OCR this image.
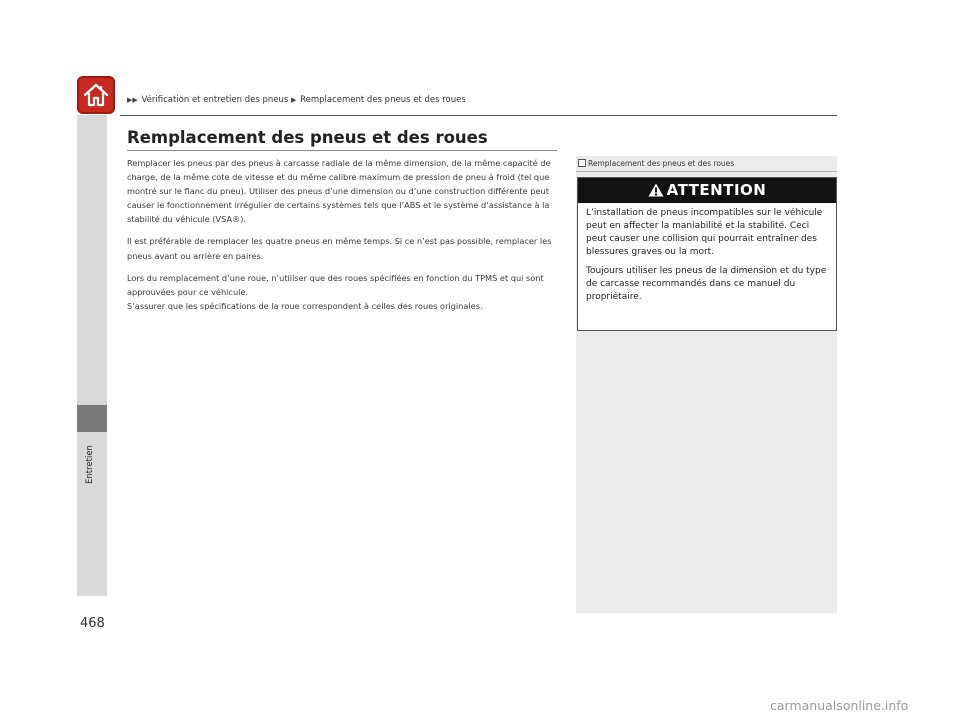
▶▶ Vérification et entretien des pneus ▶ Remplacement des pneus et des roues
Entretien
Remplacement des pneus et des roues

Remplacer les pneus par des pneus à carcasse radiale de la même dimension, de la même capacité de charge, de la même cote de vitesse et du même calibre maximum de pression de pneu à froid (tel que montré sur le flanc du pneu). Utiliser des pneus d’une dimension ou d’une construction différente peut causer le fonctionnement irrégulier de certains systèmes tels que l’ABS et le système d’assistance à la stabilité du véhicule (VSA®).

Il est préférable de remplacer les quatre pneus en même temps. Si ce n’est pas possible, remplacer les pneus avant ou arrière en paires.

Lors du remplacement d’une roue, n’utiliser que des roues spécifiées en fonction du TPMS et qui sont approuvées pour ce véhicule.

S’assurer que les spécifications de la roue correspondent à celles des roues originales.

Remplacement des pneus et des roues
ATTENTION

L’installation de pneus incompatibles sur le véhicule peut en affecter la maniabilité et la stabilité. Ceci peut causer une collision qui pourrait entraîner des blessures graves ou la mort.

Toujours utiliser les pneus de la dimension et du type de carcasse recommandés dans ce manuel du propriétaire.

468
carmanualsonline.info
